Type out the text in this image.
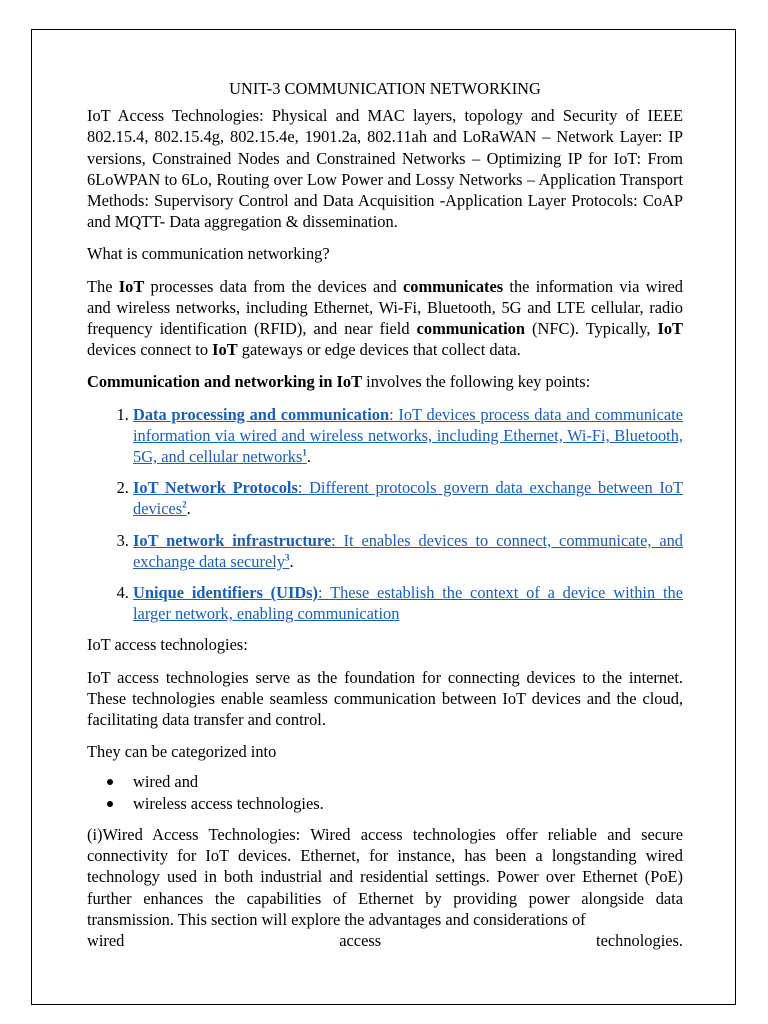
UNIT-3 COMMUNICATION NETWORKING

IoT Access Technologies: Physical and MAC layers, topology and Security of IEEE 802.15.4, 802.15.4g, 802.15.4e, 1901.2a, 802.11ah and LoRaWAN – Network Layer: IP versions, Constrained Nodes and Constrained Networks – Optimizing IP for IoT: From 6LoWPAN to 6Lo, Routing over Low Power and Lossy Networks – Application Transport Methods: Supervisory Control and Data Acquisition -Application Layer Protocols: CoAP and MQTT- Data aggregation & dissemination.

What is communication networking?

The IoT processes data from the devices and communicates the information via wired and wireless networks, including Ethernet, Wi-Fi, Bluetooth, 5G and LTE cellular, radio frequency identification (RFID), and near field communication (NFC). Typically, IoT devices connect to IoT gateways or edge devices that collect data.

Communication and networking in IoT involves the following key points:

1. Data processing and communication: IoT devices process data and communicate information via wired and wireless networks, including Ethernet, Wi-Fi, Bluetooth, 5G, and cellular networks$^1$.
2. IoT Network Protocols: Different protocols govern data exchange between IoT devices$^2$.
3. IoT network infrastructure: It enables devices to connect, communicate, and exchange data securely$^3$.
4. Unique identifiers (UIDs): These establish the context of a device within the larger network, enabling communication

IoT access technologies:

IoT access technologies serve as the foundation for connecting devices to the internet. These technologies enable seamless communication between IoT devices and the cloud, facilitating data transfer and control.

They can be categorized into

wired and
wireless access technologies.

(i)Wired Access Technologies: Wired access technologies offer reliable and secure connectivity for IoT devices. Ethernet, for instance, has been a longstanding wired technology used in both industrial and residential settings. Power over Ethernet (PoE) further enhances the capabilities of Ethernet by providing power alongside data transmission. This section will explore the advantages and considerations of

wired access technologies.
